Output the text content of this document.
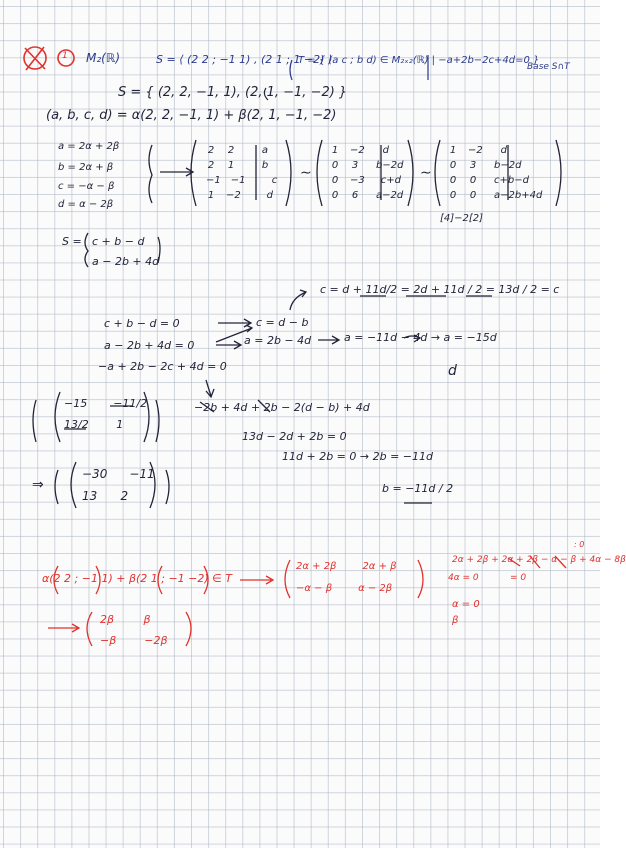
1 M₂(ℝ)	S = ⟨ (2 2 ; −1 1) , (2 1 ; 1 −2) ⟩
T = { (a c ; b d) ∈ M₂ₓ₂(ℝ) | −a+2b−2c+4d=0 }
Base S∩T
S = { (2, 2, −1, 1), (2, 1, −1, −2) }
(a, b, c, d) = α(2, 2, −1, 1) + β(2, 1, −1, −2)
a = 2α + 2β
b = 2α + β
c = −α − β
d = α − 2β
2 2	a
2 1	b
−1 −1	c
1 −2	d
∼
1 −2 d
0 3 b−2d
0 −3 c+d
0 6 a−2d
∼
1 −2 d
0 3 b−2d
0 0 c+b−d
0 0 a−2b+4d
[4]−2[2]
S = c + b − d
a − 2b + 4d
c = d + 11d/2 = 2d + 11d / 2 = 13d / 2 = c
c + b − d = 0
a − 2b + 4d = 0
−a + 2b − 2c + 4d = 0
c = d − b
a = 2b − 4d	a = −11d − 4d → a = −15d
d
−15 −11/2
13/2	1
−2b + 4d + 2b − 2(d − b) + 4d
13d − 2d + 2b = 0
11d + 2b = 0 → 2b = −11d
b = −11d / 2
⇒
−30 −11
13 2
α(2 2 ; −1 1) + β(2 1 ; −1 −2) ∈ T
2α + 2β	2α + β
−α − β	α − 2β
2α + 2β + 2α + 2β − α − β + 4α − 8β
: 0
4α = 0	= 0
α = 0
β
2β	β
−β	−2β
